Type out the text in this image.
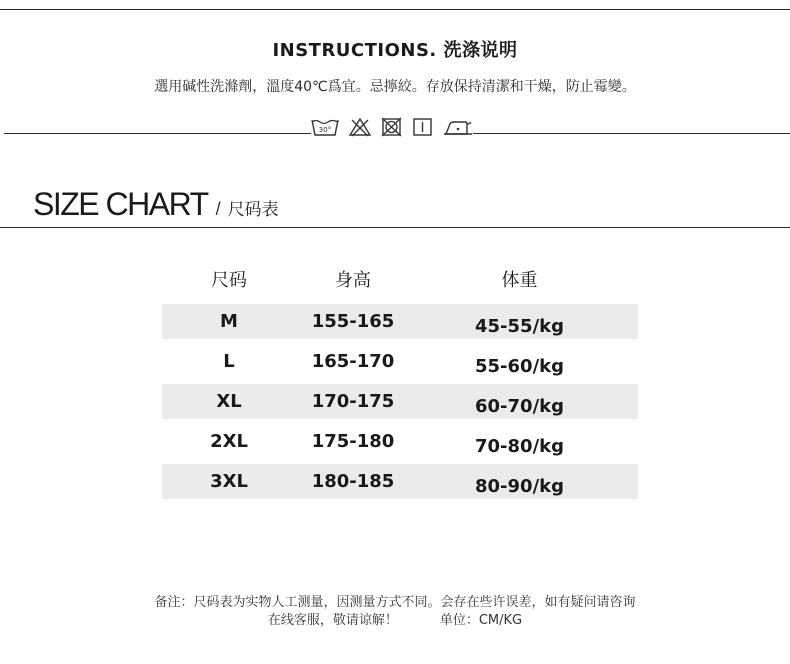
INSTRUCTIONS. 洗涤说明
選用碱性洗滌劑，溫度40℃爲宜。忌擰絞。存放保持清潔和干燥，防止霉變。
30°
SIZE CHART / 尺码表
尺码	身高	体重
M	155-165	45-55/kg
L	165-170	55-60/kg
XL	170-175	60-70/kg
2XL	175-180	70-80/kg
3XL	180-185	80-90/kg
备注：尺码表为实物人工测量，因测量方式不同。会存在些许误差，如有疑问请咨询
在线客服，敬请谅解！	单位：CM/KG
